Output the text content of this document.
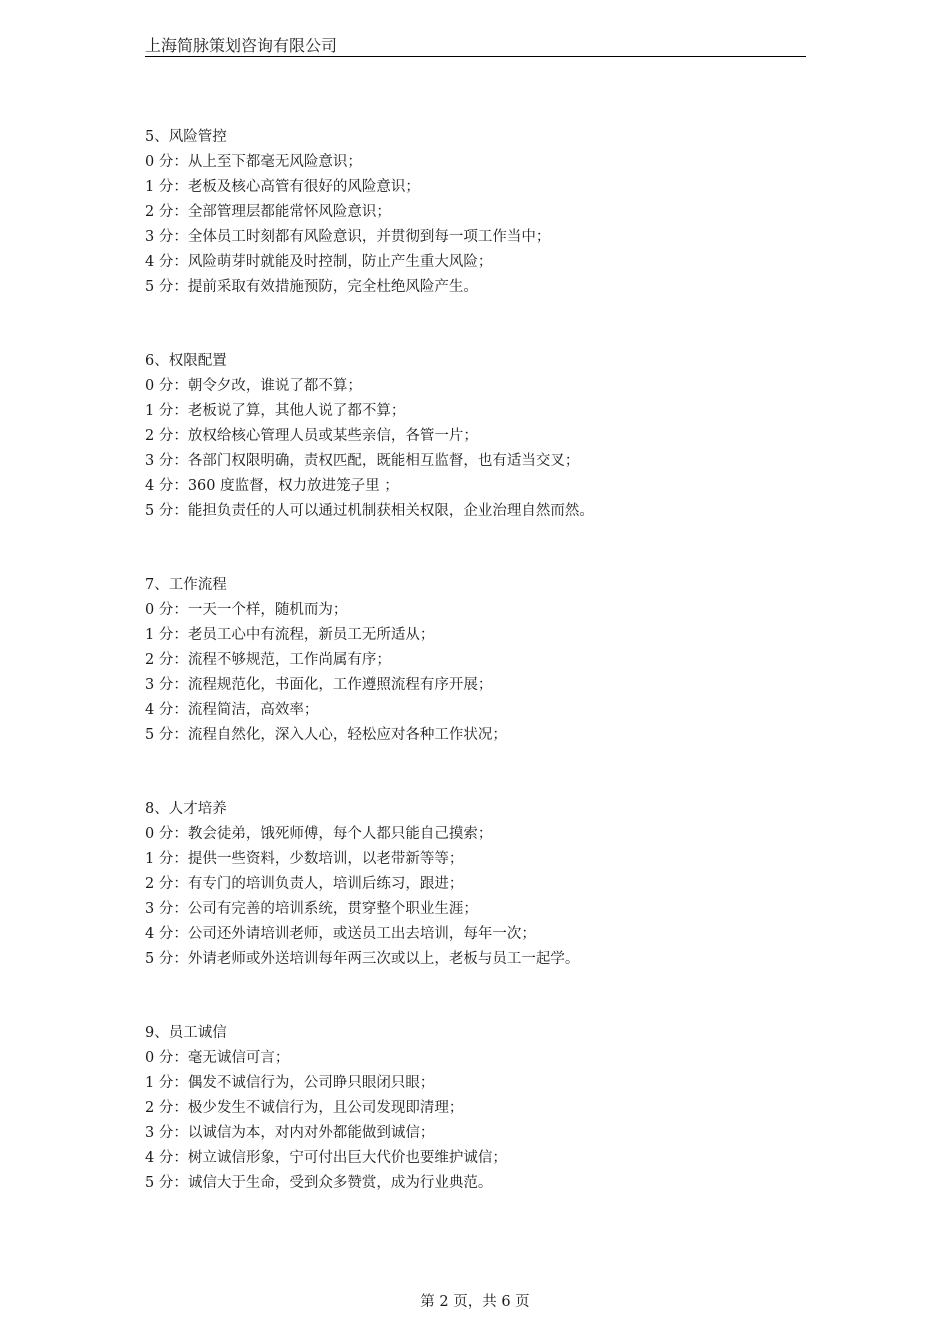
上海简脉策划咨询有限公司
5、风险管控
0 分：从上至下都毫无风险意识；
1 分：老板及核心高管有很好的风险意识；
2 分：全部管理层都能常怀风险意识；
3 分：全体员工时刻都有风险意识，并贯彻到每一项工作当中；
4 分：风险萌芽时就能及时控制，防止产生重大风险；
5 分：提前采取有效措施预防，完全杜绝风险产生。
6、权限配置
0 分：朝令夕改，谁说了都不算；
1 分：老板说了算，其他人说了都不算；
2 分：放权给核心管理人员或某些亲信，各管一片；
3 分：各部门权限明确，责权匹配，既能相互监督，也有适当交叉；
4 分：360 度监督，权力放进笼子里 ；
5 分：能担负责任的人可以通过机制获相关权限，企业治理自然而然。
7、工作流程
0 分：一天一个样，随机而为；
1 分：老员工心中有流程，新员工无所适从；
2 分：流程不够规范，工作尚属有序；
3 分：流程规范化，书面化，工作遵照流程有序开展；
4 分：流程简洁，高效率；
5 分：流程自然化，深入人心，轻松应对各种工作状况；
8、人才培养
0 分：教会徒弟，饿死师傅，每个人都只能自己摸索；
1 分：提供一些资料，少数培训，以老带新等等；
2 分：有专门的培训负责人，培训后练习，跟进；
3 分：公司有完善的培训系统，贯穿整个职业生涯；
4 分：公司还外请培训老师，或送员工出去培训，每年一次；
5 分：外请老师或外送培训每年两三次或以上，老板与员工一起学。
9、员工诚信
0 分：毫无诚信可言；
1 分：偶发不诚信行为，公司睁只眼闭只眼；
2 分：极少发生不诚信行为，且公司发现即清理；
3 分：以诚信为本，对内对外都能做到诚信；
4 分：树立诚信形象，宁可付出巨大代价也要维护诚信；
5 分：诚信大于生命，受到众多赞赏，成为行业典范。
第 2 页，共 6 页
